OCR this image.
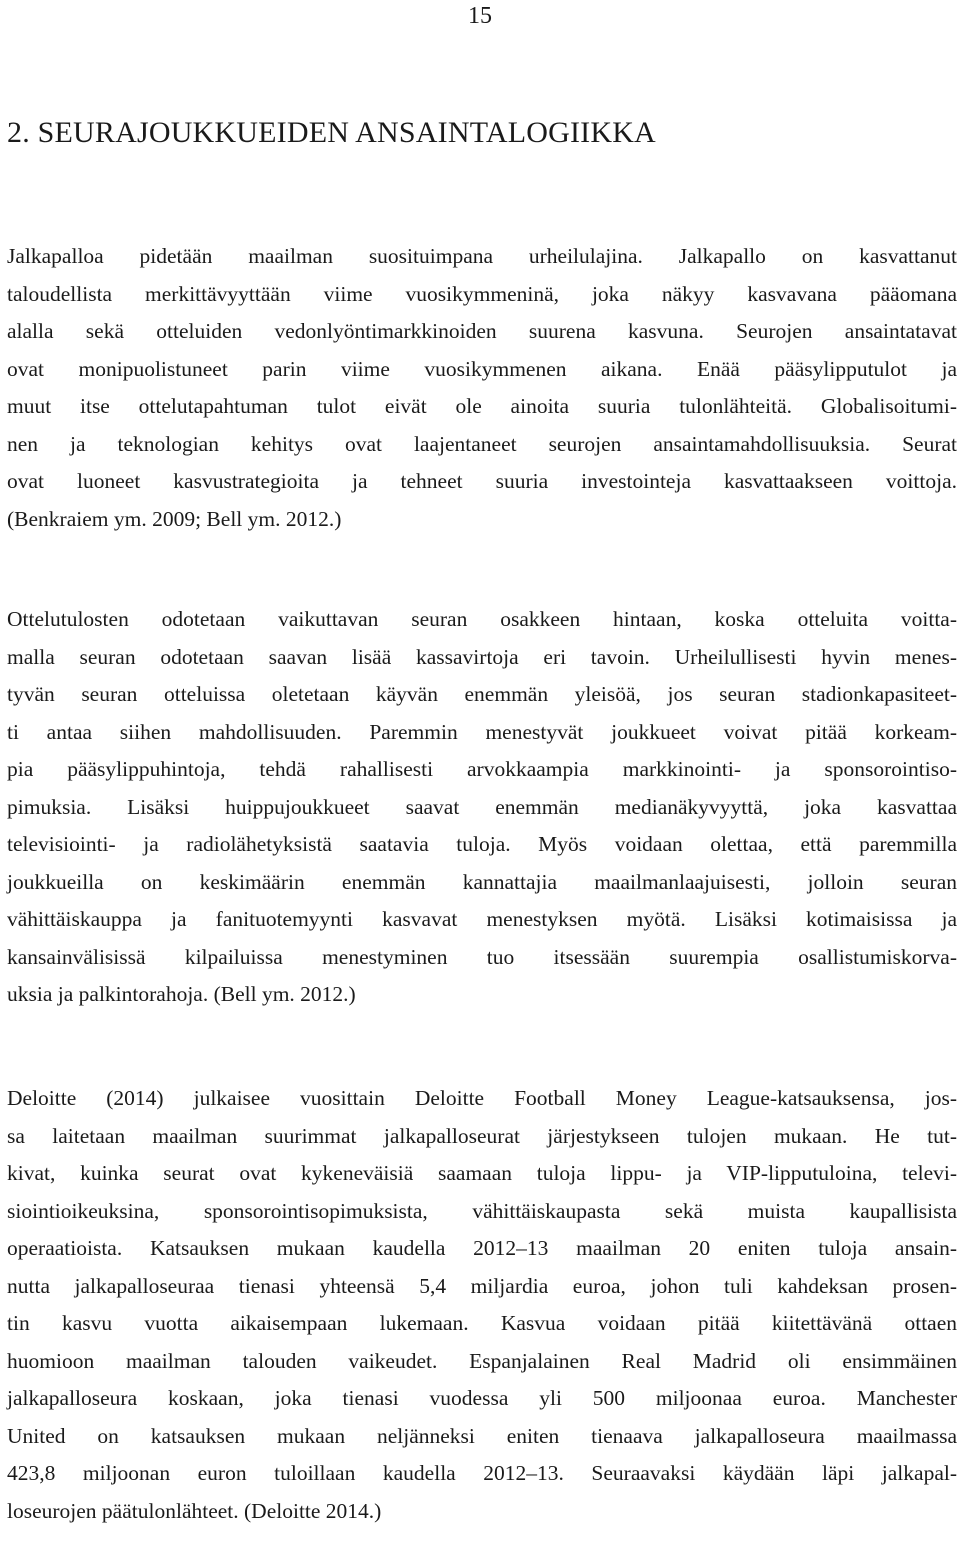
15
2. SEURAJOUKKUEIDEN ANSAINTALOGIIKKA
Jalkapalloa pidetään maailman suosituimpana urheilulajina. Jalkapallo on kasvattanut
taloudellista merkittävyyttään viime vuosikymmeninä, joka näkyy kasvavana pääomana
alalla sekä otteluiden vedonlyöntimarkkinoiden suurena kasvuna. Seurojen ansaintatavat
ovat monipuolistuneet parin viime vuosikymmenen aikana. Enää pääsylipputulot ja
muut itse ottelutapahtuman tulot eivät ole ainoita suuria tulonlähteitä. Globalisoitumi-
nen ja teknologian kehitys ovat laajentaneet seurojen ansaintamahdollisuuksia. Seurat
ovat luoneet kasvustrategioita ja tehneet suuria investointeja kasvattaakseen voittoja.
(Benkraiem ym. 2009; Bell ym. 2012.)
Ottelutulosten odotetaan vaikuttavan seuran osakkeen hintaan, koska otteluita voitta-
malla seuran odotetaan saavan lisää kassavirtoja eri tavoin. Urheilullisesti hyvin menes-
tyvän seuran otteluissa oletetaan käyvän enemmän yleisöä, jos seuran stadionkapasiteet-
ti antaa siihen mahdollisuuden. Paremmin menestyvät joukkueet voivat pitää korkeam-
pia pääsylippuhintoja, tehdä rahallisesti arvokkaampia markkinointi- ja sponsorointiso-
pimuksia. Lisäksi huippujoukkueet saavat enemmän medianäkyvyyttä, joka kasvattaa
televisiointi- ja radiolähetyksistä saatavia tuloja. Myös voidaan olettaa, että paremmilla
joukkueilla on keskimäärin enemmän kannattajia maailmanlaajuisesti, jolloin seuran
vähittäiskauppa ja fanituotemyynti kasvavat menestyksen myötä. Lisäksi kotimaisissa ja
kansainvälisissä kilpailuissa menestyminen tuo itsessään suurempia osallistumiskorva-
uksia ja palkintorahoja. (Bell ym. 2012.)
Deloitte (2014) julkaisee vuosittain Deloitte Football Money League-katsauksensa, jos-
sa laitetaan maailman suurimmat jalkapalloseurat järjestykseen tulojen mukaan. He tut-
kivat, kuinka seurat ovat kykeneväisiä saamaan tuloja lippu- ja VIP-lipputuloina, televi-
siointioikeuksina, sponsorointisopimuksista, vähittäiskaupasta sekä muista kaupallisista
operaatioista. Katsauksen mukaan kaudella 2012–13 maailman 20 eniten tuloja ansain-
nutta jalkapalloseuraa tienasi yhteensä 5,4 miljardia euroa, johon tuli kahdeksan prosen-
tin kasvu vuotta aikaisempaan lukemaan. Kasvua voidaan pitää kiitettävänä ottaen
huomioon maailman talouden vaikeudet. Espanjalainen Real Madrid oli ensimmäinen
jalkapalloseura koskaan, joka tienasi vuodessa yli 500 miljoonaa euroa. Manchester
United on katsauksen mukaan neljänneksi eniten tienaava jalkapalloseura maailmassa
423,8 miljoonan euron tuloillaan kaudella 2012–13. Seuraavaksi käydään läpi jalkapal-
loseurojen päätulonlähteet. (Deloitte 2014.)
